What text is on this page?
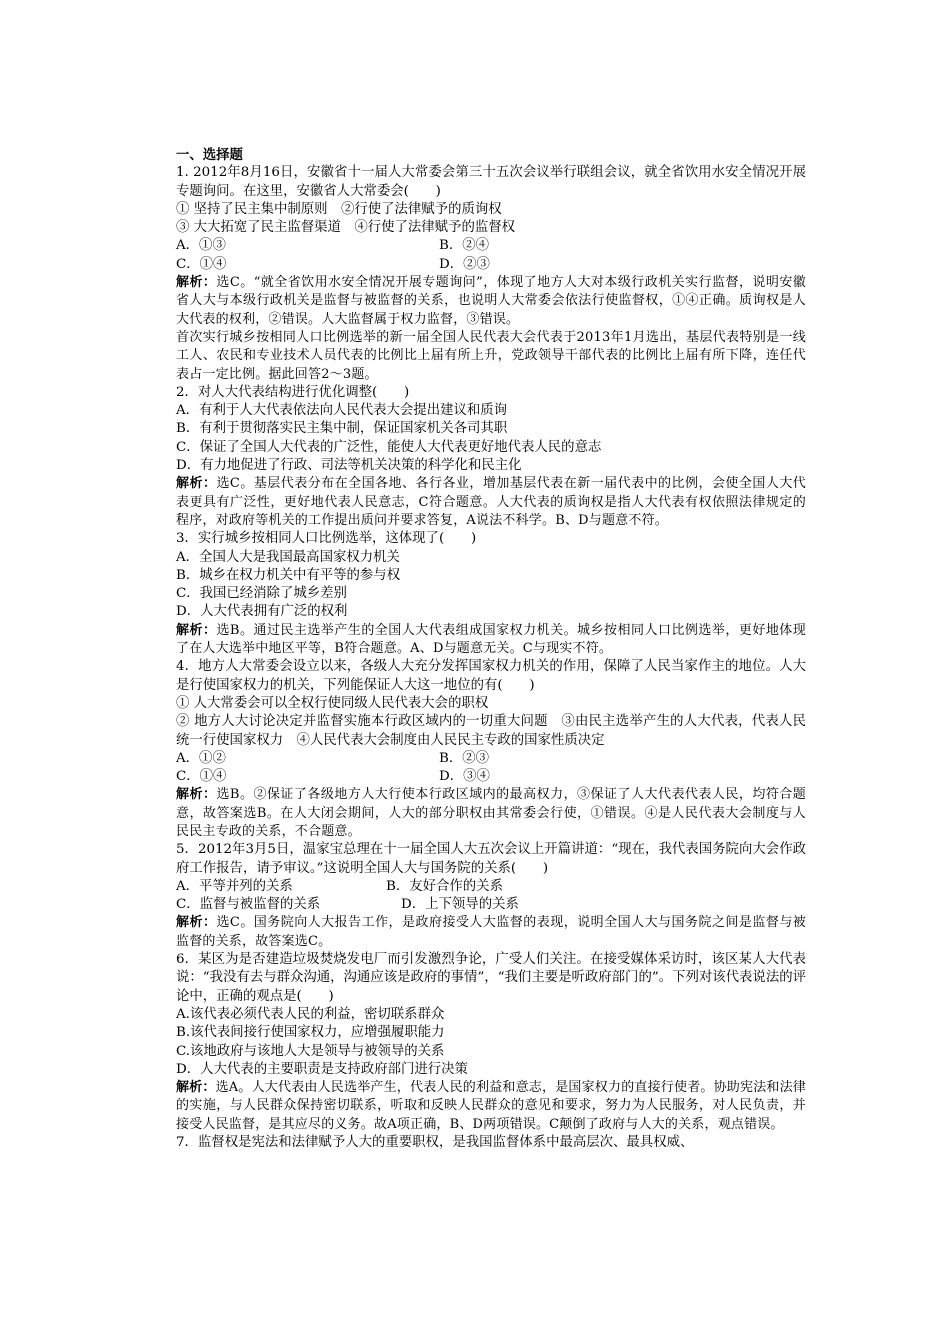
一、选择题

1. 2012年8月16日，安徽省十一届人大常委会第三十五次会议举行联组会议，就全省饮用水安全情况开展专题询问。在这里，安徽省人大常委会(　　)

① 坚持了民主集中制原则　②行使了法律赋予的质询权

③ 大大拓宽了民主监督渠道　④行使了法律赋予的监督权

A．①③	B．②④
C．①④	D．②③

解析：选C。“就全省饮用水安全情况开展专题询问”，体现了地方人大对本级行政机关实行监督，说明安徽省人大与本级行政机关是监督与被监督的关系，也说明人大常委会依法行使监督权，①④正确。质询权是人大代表的权利，②错误。人大监督属于权力监督，③错误。

首次实行城乡按相同人口比例选举的新一届全国人民代表大会代表于2013年1月选出，基层代表特别是一线工人、农民和专业技术人员代表的比例比上届有所上升，党政领导干部代表的比例比上届有所下降，连任代表占一定比例。据此回答2～3题。

2．对人大代表结构进行优化调整(　　)

A．有利于人大代表依法向人民代表大会提出建议和质询

B．有利于贯彻落实民主集中制，保证国家机关各司其职

C．保证了全国人大代表的广泛性，能使人大代表更好地代表人民的意志

D．有力地促进了行政、司法等机关决策的科学化和民主化

解析：选C。基层代表分布在全国各地、各行各业，增加基层代表在新一届代表中的比例，会使全国人大代表更具有广泛性，更好地代表人民意志，C符合题意。人大代表的质询权是指人大代表有权依照法律规定的程序，对政府等机关的工作提出质问并要求答复，A说法不科学。B、D与题意不符。

3．实行城乡按相同人口比例选举，这体现了(　　)

A．全国人大是我国最高国家权力机关

B．城乡在权力机关中有平等的参与权

C．我国已经消除了城乡差别

D．人大代表拥有广泛的权利

解析：选B。通过民主选举产生的全国人大代表组成国家权力机关。城乡按相同人口比例选举，更好地体现了在人大选举中地区平等，B符合题意。A、D与题意无关。C与现实不符。

4．地方人大常委会设立以来，各级人大充分发挥国家权力机关的作用，保障了人民当家作主的地位。人大是行使国家权力的机关，下列能保证人大这一地位的有(　　)

① 人大常委会可以全权行使同级人民代表大会的职权

② 地方人大讨论决定并监督实施本行政区域内的一切重大问题　③由民主选举产生的人大代表，代表人民统一行使国家权力　④人民代表大会制度由人民民主专政的国家性质决定

A．①②	B．②③
C．①④	D．③④

解析：选B。②保证了各级地方人大行使本行政区域内的最高权力，③保证了人大代表代表人民，均符合题意，故答案选B。在人大闭会期间，人大的部分职权由其常委会行使，①错误。④是人民代表大会制度与人民民主专政的关系，不合题意。

5．2012年3月5日，温家宝总理在十一届全国人大五次会议上开篇讲道：“现在，我代表国务院向大会作政府工作报告，请予审议。”这说明全国人大与国务院的关系(　　)

A．平等并列的关系	B．友好合作的关系
C．监督与被监督的关系	D．上下领导的关系

解析：选C。国务院向人大报告工作，是政府接受人大监督的表现，说明全国人大与国务院之间是监督与被监督的关系，故答案选C。

6．某区为是否建造垃圾焚烧发电厂而引发激烈争论，广受人们关注。在接受媒体采访时，该区某人大代表说：“我没有去与群众沟通，沟通应该是政府的事情”，“我们主要是听政府部门的”。下列对该代表说法的评论中，正确的观点是(　　)

A.该代表必须代表人民的利益，密切联系群众

B.该代表间接行使国家权力，应增强履职能力

C.该地政府与该地人大是领导与被领导的关系

D．人大代表的主要职责是支持政府部门进行决策

解析：选A。人大代表由人民选举产生，代表人民的利益和意志，是国家权力的直接行使者。协助宪法和法律的实施，与人民群众保持密切联系，听取和反映人民群众的意见和要求，努力为人民服务，对人民负责，并接受人民监督，是其应尽的义务。故A项正确，B、D两项错误。C颠倒了政府与人大的关系，观点错误。

7．监督权是宪法和法律赋予人大的重要职权，是我国监督体系中最高层次、最具权威、
